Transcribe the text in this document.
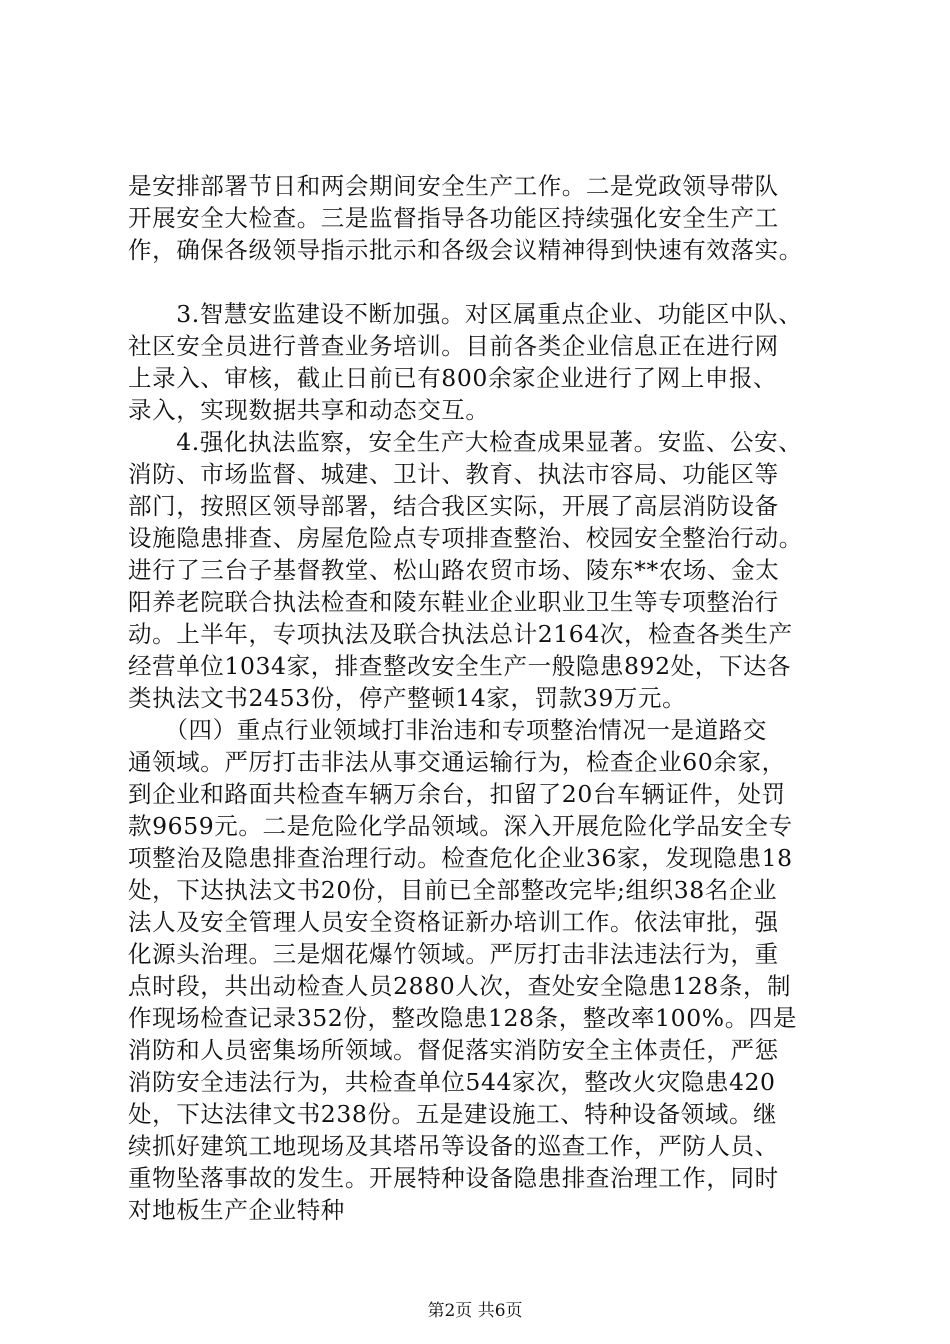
是安排部署节日和两会期间安全生产工作。二是党政领导带队
开展安全大检查。三是监督指导各功能区持续强化安全生产工
作，确保各级领导指示批示和各级会议精神得到快速有效落实。
　　3.智慧安监建设不断加强。对区属重点企业、功能区中队、
社区安全员进行普查业务培训。目前各类企业信息正在进行网
上录入、审核，截止日前已有800余家企业进行了网上申报、
录入，实现数据共享和动态交互。
　　4.强化执法监察，安全生产大检查成果显著。安监、公安、
消防、市场监督、城建、卫计、教育、执法市容局、功能区等
部门，按照区领导部署，结合我区实际，开展了高层消防设备
设施隐患排查、房屋危险点专项排查整治、校园安全整治行动。
进行了三台子基督教堂、松山路农贸市场、陵东**农场、金太
阳养老院联合执法检查和陵东鞋业企业职业卫生等专项整治行
动。上半年，专项执法及联合执法总计2164次，检查各类生产
经营单位1034家，排查整改安全生产一般隐患892处，下达各
类执法文书2453份，停产整顿14家，罚款39万元。
　　（四）重点行业领域打非治违和专项整治情况一是道路交
通领域。严厉打击非法从事交通运输行为，检查企业60余家，
到企业和路面共检查车辆万余台，扣留了20台车辆证件，处罚
款9659元。二是危险化学品领域。深入开展危险化学品安全专
项整治及隐患排查治理行动。检查危化企业36家，发现隐患18
处，下达执法文书20份，目前已全部整改完毕;组织38名企业
法人及安全管理人员安全资格证新办培训工作。依法审批，强
化源头治理。三是烟花爆竹领域。严厉打击非法违法行为，重
点时段，共出动检查人员2880人次，查处安全隐患128条，制
作现场检查记录352份，整改隐患128条，整改率100%。四是
消防和人员密集场所领域。督促落实消防安全主体责任，严惩
消防安全违法行为，共检查单位544家次，整改火灾隐患420
处，下达法律文书238份。五是建设施工、特种设备领域。继
续抓好建筑工地现场及其塔吊等设备的巡查工作，严防人员、
重物坠落事故的发生。开展特种设备隐患排查治理工作，同时
对地板生产企业特种
第2页 共6页
